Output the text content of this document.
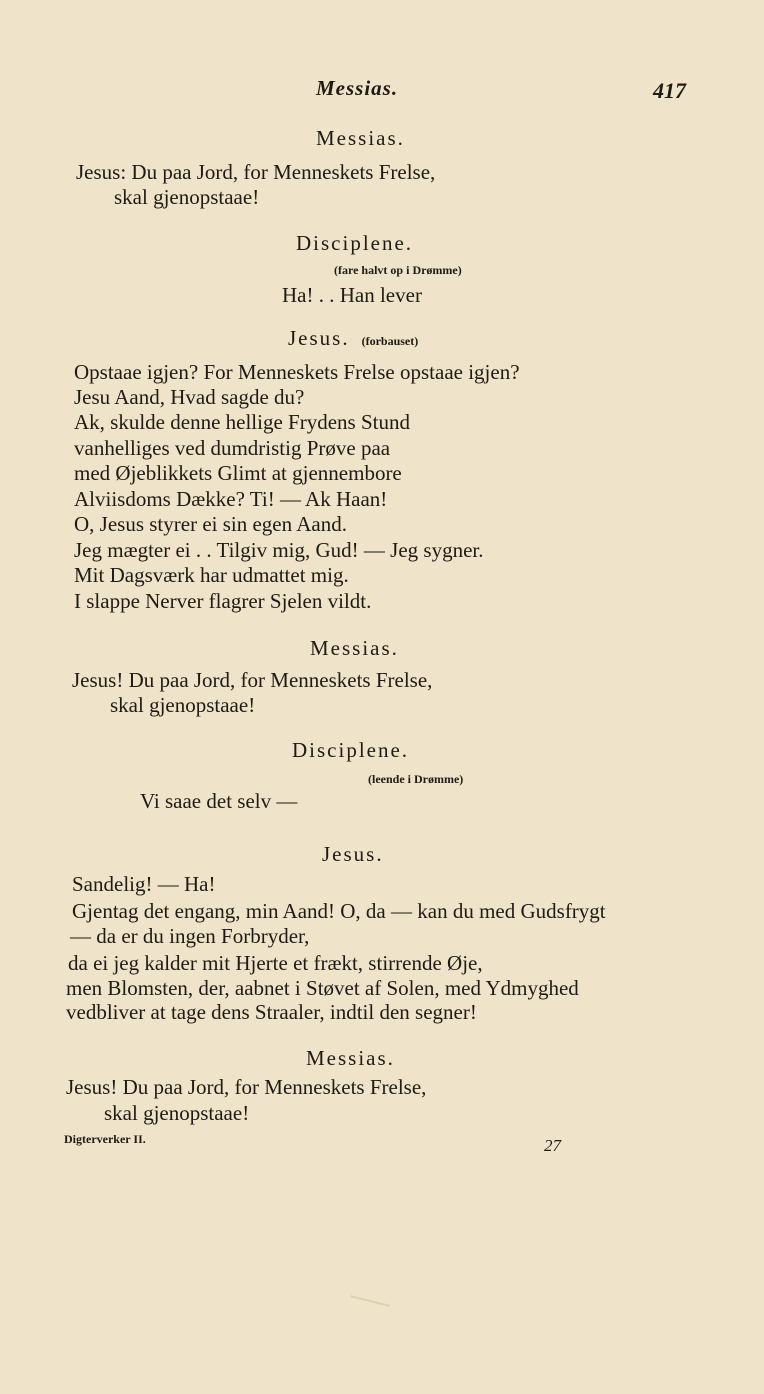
Messias.	417
Messias.
Jesus: Du paa Jord, for Menneskets Frelse,
skal gjenopstaae!
Disciplene.
(fare halvt op i Drømme)
Ha! . . Han lever
Jesus. (forbauset)
Opstaae igjen? For Menneskets Frelse opstaae igjen?
Jesu Aand, Hvad sagde du?
Ak, skulde denne hellige Frydens Stund
vanhelliges ved dumdristig Prøve paa
med Øjeblikkets Glimt at gjennembore
Alviisdoms Dække? Ti! — Ak Haan!
O, Jesus styrer ei sin egen Aand.
Jeg mægter ei . . Tilgiv mig, Gud! — Jeg sygner.
Mit Dagsværk har udmattet mig.
I slappe Nerver flagrer Sjelen vildt.
Messias.
Jesus! Du paa Jord, for Menneskets Frelse,
skal gjenopstaae!
Disciplene.
(leende i Drømme)
Vi saae det selv —
Jesus.
Sandelig! — Ha!
Gjentag det engang, min Aand! O, da — kan du med Gudsfrygt
— da er du ingen Forbryder,
da ei jeg kalder mit Hjerte et frækt, stirrende Øje,
men Blomsten, der, aabnet i Støvet af Solen, med Ydmyghed
vedbliver at tage dens Straaler, indtil den segner!
Messias.
Jesus! Du paa Jord, for Menneskets Frelse,
skal gjenopstaae!
Digterverker II.	27
